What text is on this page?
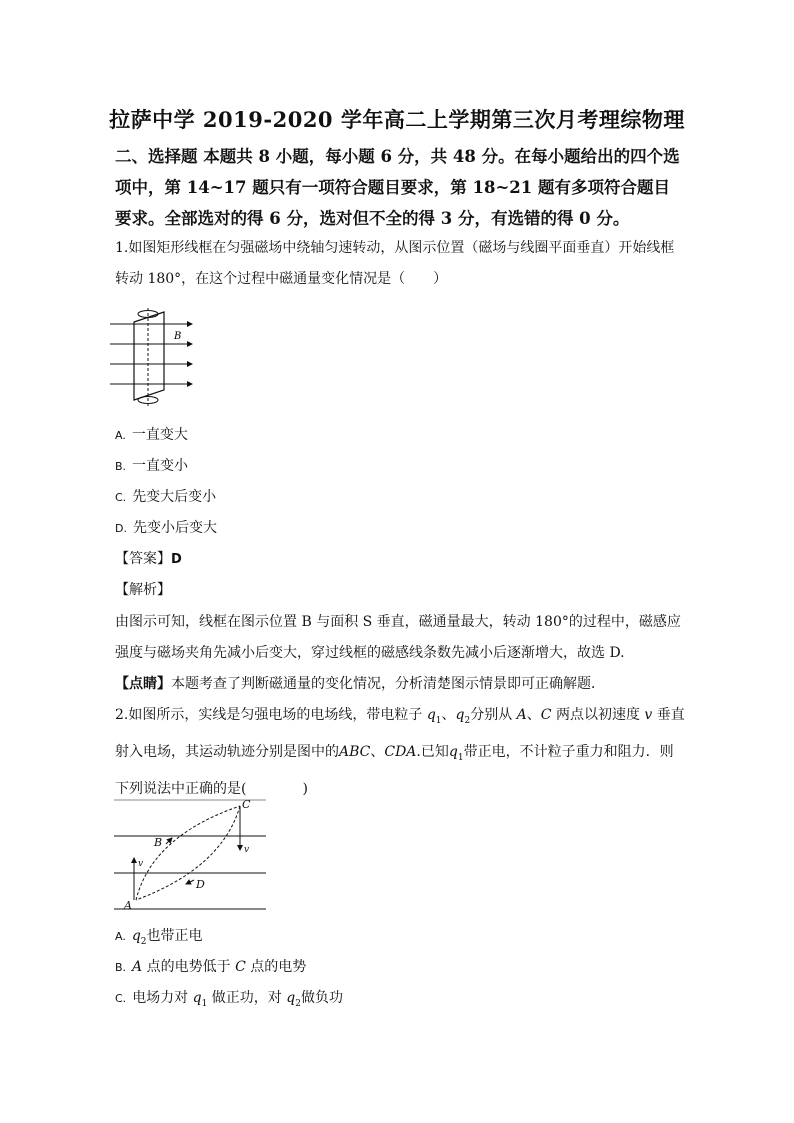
拉萨中学 2019-2020 学年高二上学期第三次月考理综物理
二、选择题 本题共 8 小题，每小题 6 分，共 48 分。在每小题给出的四个选项中，第 14~17 题只有一项符合题目要求，第 18~21 题有多项符合题目要求。全部选对的得 6 分，选对但不全的得 3 分，有选错的得 0 分。
1.如图矩形线框在匀强磁场中绕轴匀速转动，从图示位置（磁场与线圈平面垂直）开始线框转动 180°，在这个过程中磁通量变化情况是（　　）
B
A. 一直变大
B. 一直变小
C. 先变大后变小
D. 先变小后变大
【答案】D
【解析】
由图示可知，线框在图示位置 B 与面积 S 垂直，磁通量最大，转动 180°的过程中，磁感应强度与磁场夹角先减小后变大，穿过线框的磁感线条数先减小后逐渐增大，故选 D.
【点睛】本题考查了判断磁通量的变化情况，分析清楚图示情景即可正确解题．
2.如图所示，实线是匀强电场的电场线，带电粒子 $q_1$、$q_2$分别从 A、C 两点以初速度 v 垂直射入电场，其运动轨迹分别是图中的ABC、CDA.已知$q_1$带正电，不计粒子重力和阻力．则下列说法中正确的是(　　　　)
A
B
C
D
v
v
A. $q_2$也带正电
B. A 点的电势低于 C 点的电势
C. 电场力对 $q_1$ 做正功，对 $q_2$做负功
